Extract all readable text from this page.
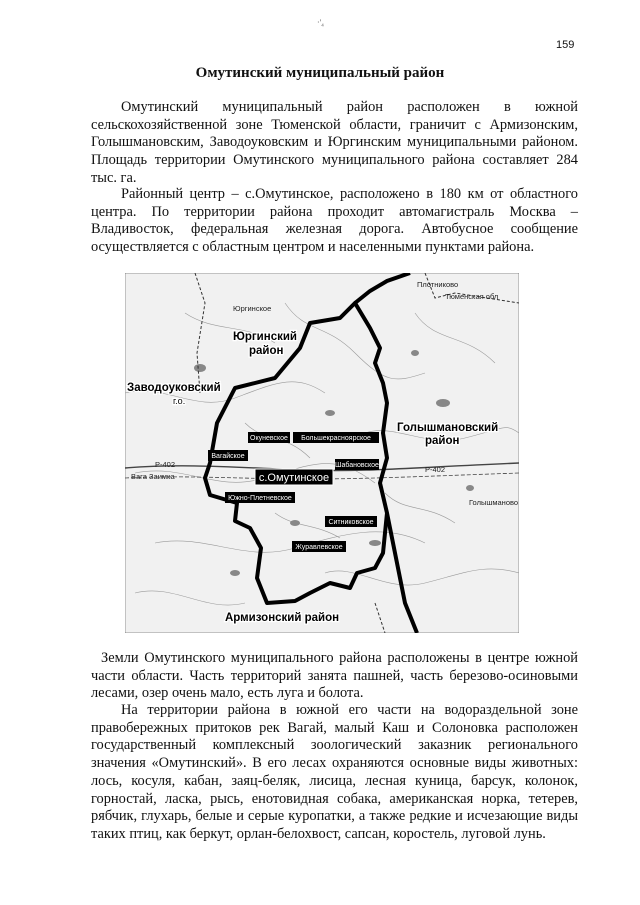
·'₄
159
Омутинский муниципальный район

Омутинский муниципальный район расположен в южной сельскохозяйственной зоне Тюменской области, граничит с Армизонским, Голышмановским, Заводоуковским и Юргинским муниципальными районом. Площадь территории Омутинского муниципального района составляет 284 тыс. га.

Районный центр – с.Омутинское, расположено в 180 км от областного центра. По территории района проходит автомагистраль Москва – Владивосток, федеральная железная дорога. Автобусное сообщение осуществляется с областным центром и населенными пунктами района.

Окуневское Большекрасноярское
Вагайское
Шабановское
Южно-Плетневское
Ситниковское
Журавлевское
с.Омутинское
Юргинский
район
Заводоуковский
г.о.
Голышмановский
район
Армизонский район
Юргинское
Тюменская обл
Плотниково
Голышманово
Вага Заимка
Р-402
Р-402

Земли Омутинского муниципального района расположены в центре южной части области. Часть территорий занята пашней, часть березово-осиновыми лесами, озер очень мало, есть луга и болота.

На территории района в южной его части на водораздельной зоне правобережных притоков рек Вагай, малый Каш и Солоновка расположен государственный комплексный зоологический заказник регионального значения «Омутинский». В его лесах охраняются основные виды животных: лось, косуля, кабан, заяц-беляк, лисица, лесная куница, барсук, колонок, горностай, ласка, рысь, енотовидная собака, американская норка, тетерев, рябчик, глухарь, белые и серые куропатки, а также редкие и исчезающие виды таких птиц, как беркут, орлан-белохвост, сапсан, коростель, луговой лунь.
